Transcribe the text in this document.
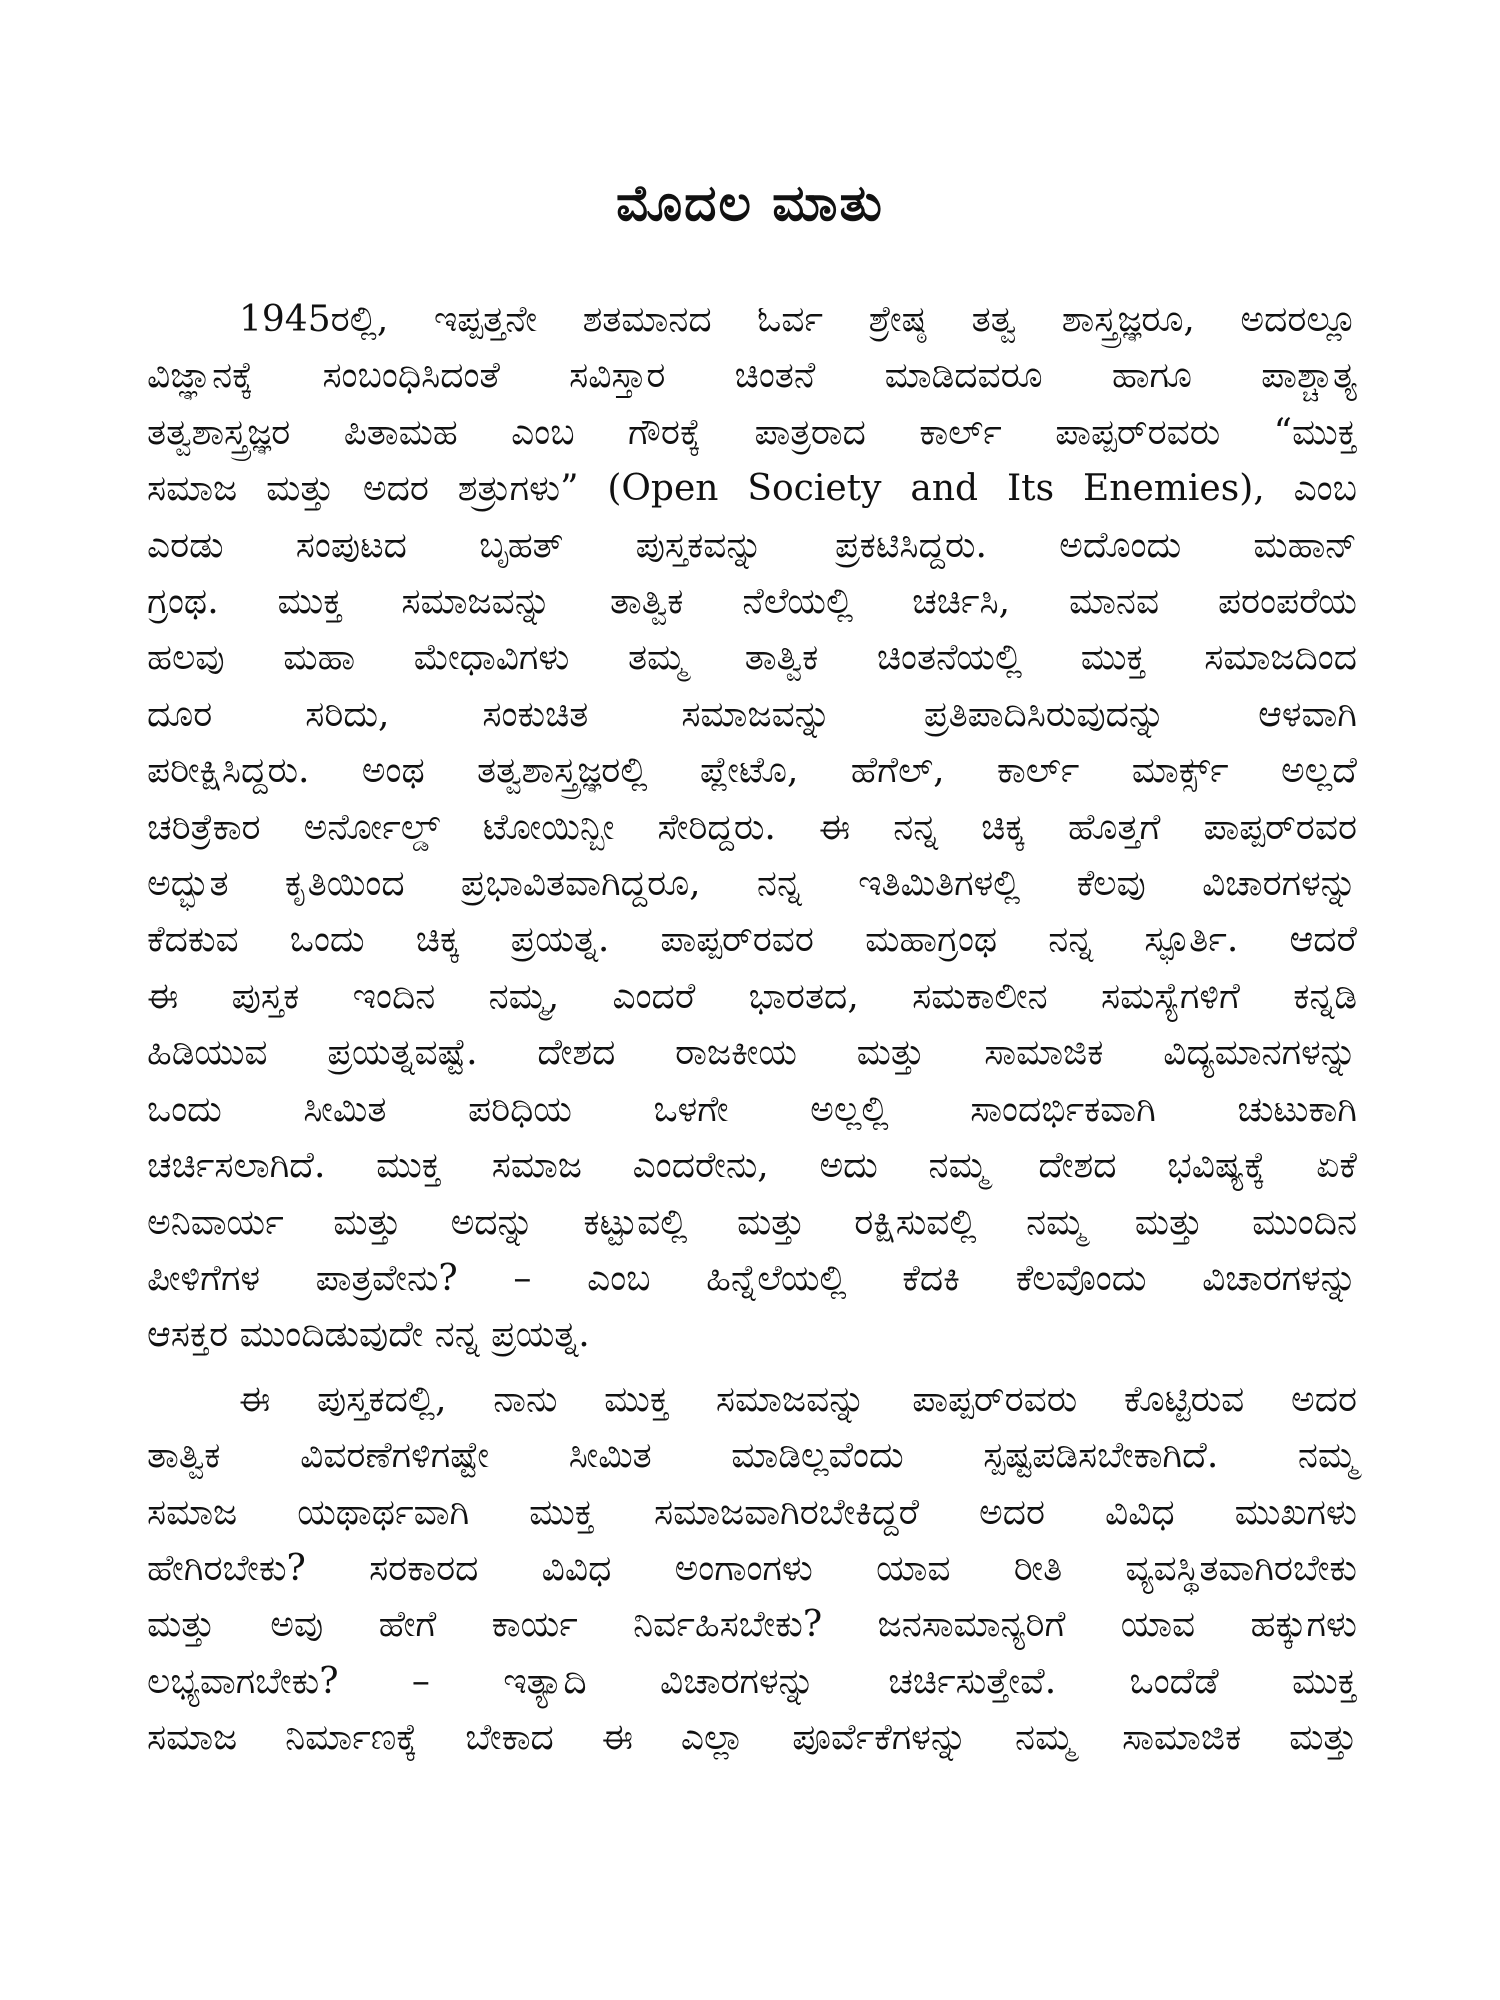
ಮೊದಲ ಮಾತು
1945ರಲ್ಲಿ, ಇಪ್ಪತ್ತನೇ ಶತಮಾನದ ಓರ್ವ ಶ್ರೇಷ್ಠ ತತ್ವ ಶಾಸ್ತ್ರಜ್ಞರೂ, ಅದರಲ್ಲೂ
ವಿಜ್ಞಾನಕ್ಕೆ ಸಂಬಂಧಿಸಿದಂತೆ ಸವಿಸ್ತಾರ ಚಿಂತನೆ ಮಾಡಿದವರೂ ಹಾಗೂ ಪಾಶ್ಚಾತ್ಯ
ತತ್ವಶಾಸ್ತ್ರಜ್ಞರ ಪಿತಾಮಹ ಎಂಬ ಗೌರಕ್ಕೆ ಪಾತ್ರರಾದ ಕಾರ್ಲ್ ಪಾಪ್ಪರ್‌ರವರು “ಮುಕ್ತ
ಸಮಾಜ ಮತ್ತು ಅದರ ಶತ್ರುಗಳು” (Open Society and Its Enemies), ಎಂಬ
ಎರಡು ಸಂಪುಟದ ಬೃಹತ್ ಪುಸ್ತಕವನ್ನು ಪ್ರಕಟಿಸಿದ್ದರು. ಅದೊಂದು ಮಹಾನ್
ಗ್ರಂಥ. ಮುಕ್ತ ಸಮಾಜವನ್ನು ತಾತ್ವಿಕ ನೆಲೆಯಲ್ಲಿ ಚರ್ಚಿಸಿ, ಮಾನವ ಪರಂಪರೆಯ
ಹಲವು ಮಹಾ ಮೇಧಾವಿಗಳು ತಮ್ಮ ತಾತ್ವಿಕ ಚಿಂತನೆಯಲ್ಲಿ ಮುಕ್ತ ಸಮಾಜದಿಂದ
ದೂರ ಸರಿದು, ಸಂಕುಚಿತ ಸಮಾಜವನ್ನು ಪ್ರತಿಪಾದಿಸಿರುವುದನ್ನು ಆಳವಾಗಿ
ಪರೀಕ್ಷಿಸಿದ್ದರು. ಅಂಥ ತತ್ವಶಾಸ್ತ್ರಜ್ಞರಲ್ಲಿ ಪ್ಲೇಟೊ, ಹೆಗೆಲ್, ಕಾರ್ಲ್ ಮಾರ್ಕ್ಸ್ ಅಲ್ಲದೆ
ಚರಿತ್ರೆಕಾರ ಅರ್ನೋಲ್ಡ್ ಟೋಯಿನ್ಬೀ ಸೇರಿದ್ದರು. ಈ ನನ್ನ ಚಿಕ್ಕ ಹೊತ್ತಗೆ ಪಾಪ್ಪರ್‌ರವರ
ಅದ್ಭುತ ಕೃತಿಯಿಂದ ಪ್ರಭಾವಿತವಾಗಿದ್ದರೂ, ನನ್ನ ಇತಿಮಿತಿಗಳಲ್ಲಿ ಕೆಲವು ವಿಚಾರಗಳನ್ನು
ಕೆದಕುವ ಒಂದು ಚಿಕ್ಕ ಪ್ರಯತ್ನ. ಪಾಪ್ಪರ್‌ರವರ ಮಹಾಗ್ರಂಥ ನನ್ನ ಸ್ಫೂರ್ತಿ. ಆದರೆ
ಈ ಪುಸ್ತಕ ಇಂದಿನ ನಮ್ಮ, ಎಂದರೆ ಭಾರತದ, ಸಮಕಾಲೀನ ಸಮಸ್ಯೆಗಳಿಗೆ ಕನ್ನಡಿ
ಹಿಡಿಯುವ ಪ್ರಯತ್ನವಷ್ಟೆ. ದೇಶದ ರಾಜಕೀಯ ಮತ್ತು ಸಾಮಾಜಿಕ ವಿದ್ಯಮಾನಗಳನ್ನು
ಒಂದು ಸೀಮಿತ ಪರಿಧಿಯ ಒಳಗೇ ಅಲ್ಲಲ್ಲಿ ಸಾಂದರ್ಭಿಕವಾಗಿ ಚುಟುಕಾಗಿ
ಚರ್ಚಿಸಲಾಗಿದೆ. ಮುಕ್ತ ಸಮಾಜ ಎಂದರೇನು, ಅದು ನಮ್ಮ ದೇಶದ ಭವಿಷ್ಯಕ್ಕೆ ಏಕೆ
ಅನಿವಾರ್ಯ ಮತ್ತು ಅದನ್ನು ಕಟ್ಟುವಲ್ಲಿ ಮತ್ತು ರಕ್ಷಿಸುವಲ್ಲಿ ನಮ್ಮ ಮತ್ತು ಮುಂದಿನ
ಪೀಳಿಗೆಗಳ ಪಾತ್ರವೇನು? – ಎಂಬ ಹಿನ್ನೆಲೆಯಲ್ಲಿ ಕೆದಕಿ ಕೆಲವೊಂದು ವಿಚಾರಗಳನ್ನು
ಆಸಕ್ತರ ಮುಂದಿಡುವುದೇ ನನ್ನ ಪ್ರಯತ್ನ.
ಈ ಪುಸ್ತಕದಲ್ಲಿ, ನಾನು ಮುಕ್ತ ಸಮಾಜವನ್ನು ಪಾಪ್ಪರ್‌ರವರು ಕೊಟ್ಟಿರುವ ಅದರ
ತಾತ್ವಿಕ ವಿವರಣೆಗಳಿಗಷ್ಟೇ ಸೀಮಿತ ಮಾಡಿಲ್ಲವೆಂದು ಸ್ಪಷ್ಟಪಡಿಸಬೇಕಾಗಿದೆ. ನಮ್ಮ
ಸಮಾಜ ಯಥಾರ್ಥವಾಗಿ ಮುಕ್ತ ಸಮಾಜವಾಗಿರಬೇಕಿದ್ದರೆ ಅದರ ವಿವಿಧ ಮುಖಗಳು
ಹೇಗಿರಬೇಕು? ಸರಕಾರದ ವಿವಿಧ ಅಂಗಾಂಗಳು ಯಾವ ರೀತಿ ವ್ಯವಸ್ಥಿತವಾಗಿರಬೇಕು
ಮತ್ತು ಅವು ಹೇಗೆ ಕಾರ್ಯ ನಿರ್ವಹಿಸಬೇಕು? ಜನಸಾಮಾನ್ಯರಿಗೆ ಯಾವ ಹಕ್ಕುಗಳು
ಲಭ್ಯವಾಗಬೇಕು? – ಇತ್ಯಾದಿ ವಿಚಾರಗಳನ್ನು ಚರ್ಚಿಸುತ್ತೇವೆ. ಒಂದೆಡೆ ಮುಕ್ತ
ಸಮಾಜ ನಿರ್ಮಾಣಕ್ಕೆ ಬೇಕಾದ ಈ ಎಲ್ಲಾ ಪೂರ್ವೆಕೆಗಳನ್ನು ನಮ್ಮ ಸಾಮಾಜಿಕ ಮತ್ತು
